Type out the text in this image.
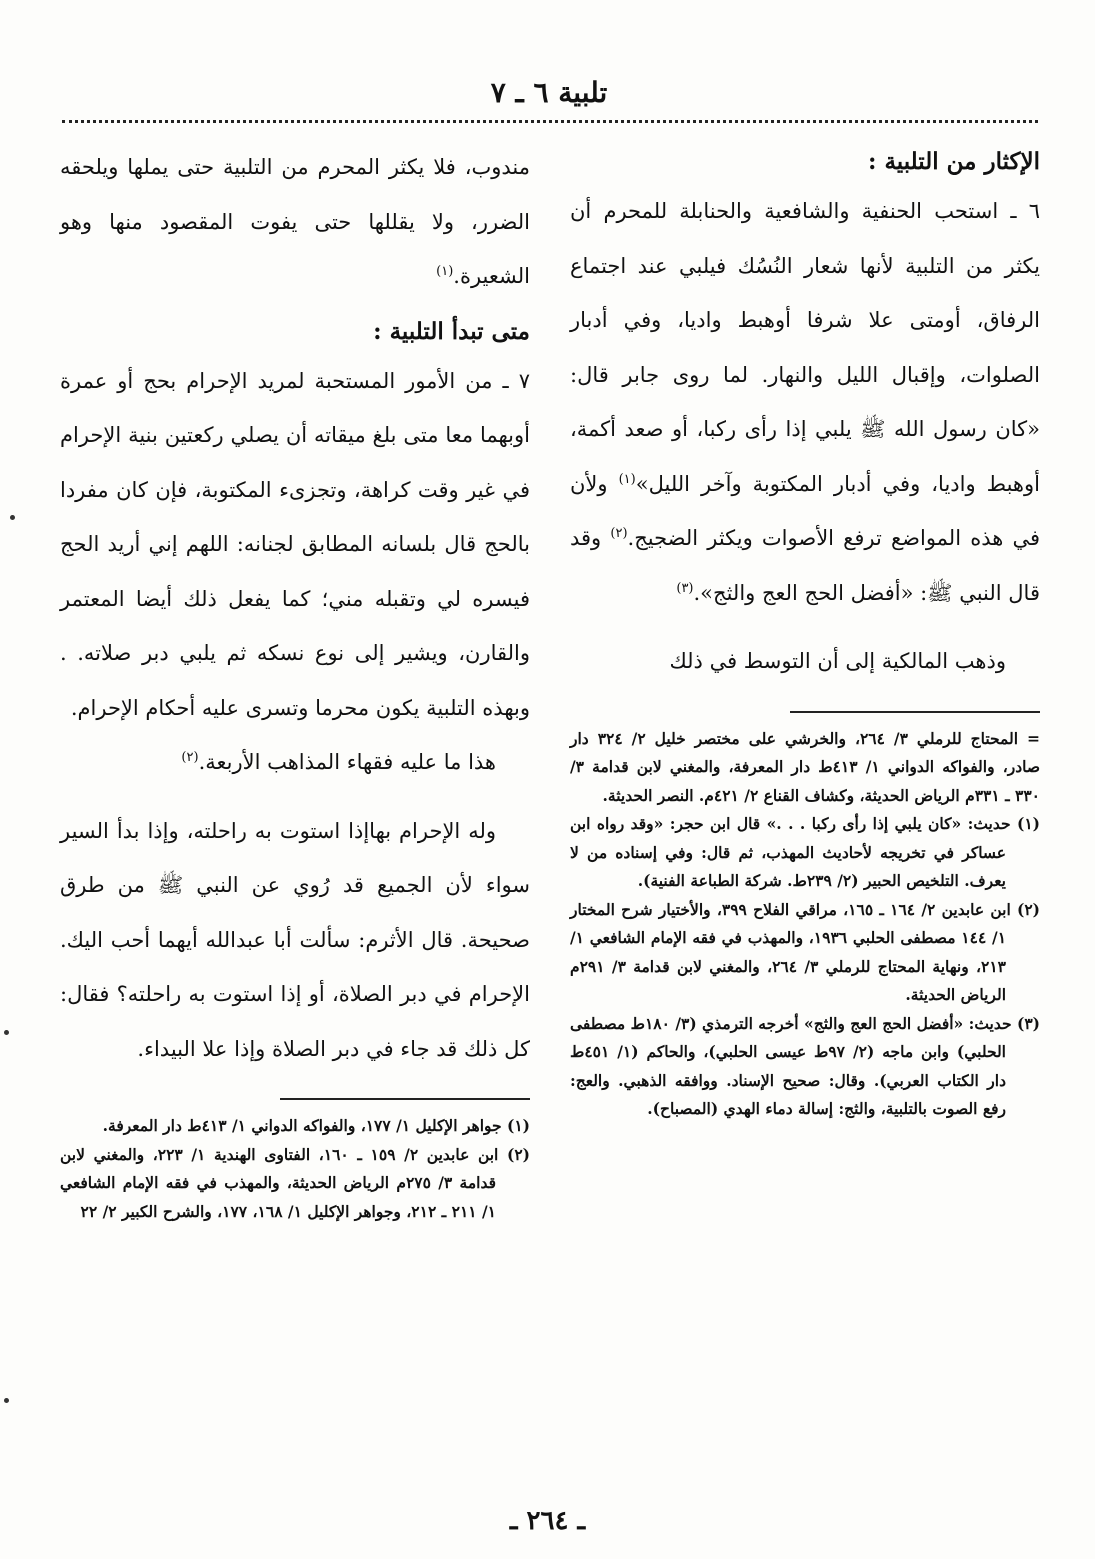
تلبية ٦ ـ ٧

الإكثار من التلبية :

٦ ـ استحب الحنفية والشافعية والحنابلة للمحرم أن يكثر من التلبية لأنها شعار النُسُك فيلبي عند اجتماع الرفاق، أومتى علا شرفا أوهبط واديا، وفي أدبار الصلوات، وإقبال الليل والنهار. لما روى جابر قال: «كان رسول الله ﷺ يلبي إذا رأى ركبا، أو صعد أكمة، أوهبط واديا، وفي أدبار المكتوبة وآخر الليل»$^{(١)}$ ولأن في هذه المواضع ترفع الأصوات ويكثر الضجيج.$^{(٢)}$ وقد قال النبي ﷺ: «أفضل الحج العج والثج».$^{(٣)}$

وذهب المالكية إلى أن التوسط في ذلك

= المحتاج للرملي ٣/ ٢٦٤، والخرشي على مختصر خليل ٢/ ٣٢٤ دار صادر، والفواكه الدواني ١/ ٤١٣ط دار المعرفة، والمغني لابن قدامة ٣/ ٣٣٠ ـ ٣٣١م الرياض الحديثة، وكشاف القناع ٢/ ٤٢١م. النصر الحديثة.

(١) حديث: «كان يلبي إذا رأى ركبا . . .» قال ابن حجر: «وقد رواه ابن عساكر في تخريجه لأحاديث المهذب، ثم قال: وفي إسناده من لا يعرف. التلخيص الحبير (٢/ ٢٣٩ط. شركة الطباعة الفنية).

(٢) ابن عابدين ٢/ ١٦٤ ـ ١٦٥، مراقي الفلاح ٣٩٩، والأختيار شرح المختار ١/ ١٤٤ مصطفى الحلبي ١٩٣٦، والمهذب في فقه الإمام الشافعي ١/ ٢١٣، ونهاية المحتاج للرملي ٣/ ٢٦٤، والمغني لابن قدامة ٣/ ٢٩١م الرياض الحديثة.

(٣) حديث: «أفضل الحج العج والثج» أخرجه الترمذي (٣/ ١٨٠ط مصطفى الحلبي) وابن ماجه (٢/ ٩٧ط عيسى الحلبي)، والحاكم (١/ ٤٥١ط دار الكتاب العربي). وقال: صحيح الإسناد. ووافقه الذهبي. والعج: رفع الصوت بالتلبية، والثج: إسالة دماء الهدي (المصباح).

مندوب، فلا يكثر المحرم من التلبية حتى يملها ويلحقه الضرر، ولا يقللها حتى يفوت المقصود منها وهو الشعيرة.$^{(١)}$

متى تبدأ التلبية :

٧ ـ من الأمور المستحبة لمريد الإحرام بحج أو عمرة أوبهما معا متى بلغ ميقاته أن يصلي ركعتين بنية الإحرام في غير وقت كراهة، وتجزىء المكتوبة، فإن كان مفردا بالحج قال بلسانه المطابق لجنانه: اللهم إني أريد الحج فيسره لي وتقبله مني؛ كما يفعل ذلك أيضا المعتمر والقارن، ويشير إلى نوع نسكه ثم يلبي دبر صلاته. . وبهذه التلبية يكون محرما وتسرى عليه أحكام الإحرام.

هذا ما عليه فقهاء المذاهب الأربعة.$^{(٢)}$

وله الإحرام بهاإذا استوت به راحلته، وإذا بدأ السير سواء لأن الجميع قد رُوي عن النبي ﷺ من طرق صحيحة. قال الأثرم: سألت أبا عبدالله أيهما أحب اليك. الإحرام في دبر الصلاة، أو إذا استوت به راحلته؟ فقال: كل ذلك قد جاء في دبر الصلاة وإذا علا البيداء.

(١) جواهر الإكليل ١/ ١٧٧، والفواكه الدواني ١/ ٤١٣ط دار المعرفة.

(٢) ابن عابدين ٢/ ١٥٩ ـ ١٦٠، الفتاوى الهندية ١/ ٢٢٣، والمغني لابن قدامة ٣/ ٢٧٥م الرياض الحديثة، والمهذب في فقه الإمام الشافعي ١/ ٢١١ ـ ٢١٢، وجواهر الإكليل ١/ ١٦٨، ١٧٧، والشرح الكبير ٢/ ٢٢

ـ ٢٦٤ ـ
